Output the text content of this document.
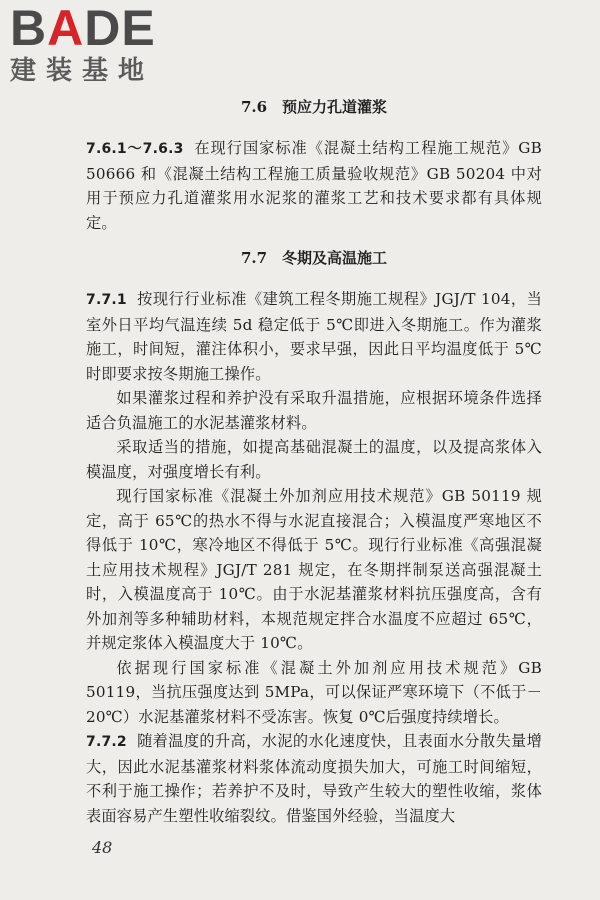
BADE
建装基地
7.6　预应力孔道灌浆

7.6.1～7.6.3 在现行国家标准《混凝土结构工程施工规范》GB 50666 和《混凝土结构工程施工质量验收规范》GB 50204 中对用于预应力孔道灌浆用水泥浆的灌浆工艺和技术要求都有具体规定。

7.7　冬期及高温施工

7.7.1 按现行行业标准《建筑工程冬期施工规程》JGJ/T 104，当室外日平均气温连续 5d 稳定低于 5℃即进入冬期施工。作为灌浆施工，时间短，灌注体积小，要求早强，因此日平均温度低于 5℃时即要求按冬期施工操作。

如果灌浆过程和养护没有采取升温措施，应根据环境条件选择适合负温施工的水泥基灌浆材料。

采取适当的措施，如提高基础混凝土的温度，以及提高浆体入模温度，对强度增长有利。

现行国家标准《混凝土外加剂应用技术规范》GB 50119 规定，高于 65℃的热水不得与水泥直接混合；入模温度严寒地区不得低于 10℃，寒冷地区不得低于 5℃。现行行业标准《高强混凝土应用技术规程》JGJ/T 281 规定，在冬期拌制泵送高强混凝土时，入模温度高于 10℃。由于水泥基灌浆材料抗压强度高，含有外加剂等多种辅助材料，本规范规定拌合水温度不应超过 65℃，并规定浆体入模温度大于 10℃。

依据现行国家标准《混凝土外加剂应用技术规范》GB 50119，当抗压强度达到 5MPa，可以保证严寒环境下（不低于－20℃）水泥基灌浆材料不受冻害。恢复 0℃后强度持续增长。

7.7.2 随着温度的升高，水泥的水化速度快，且表面水分散失量增大，因此水泥基灌浆材料浆体流动度损失加大，可施工时间缩短，不利于施工操作；若养护不及时，导致产生较大的塑性收缩，浆体表面容易产生塑性收缩裂纹。借鉴国外经验，当温度大

48
